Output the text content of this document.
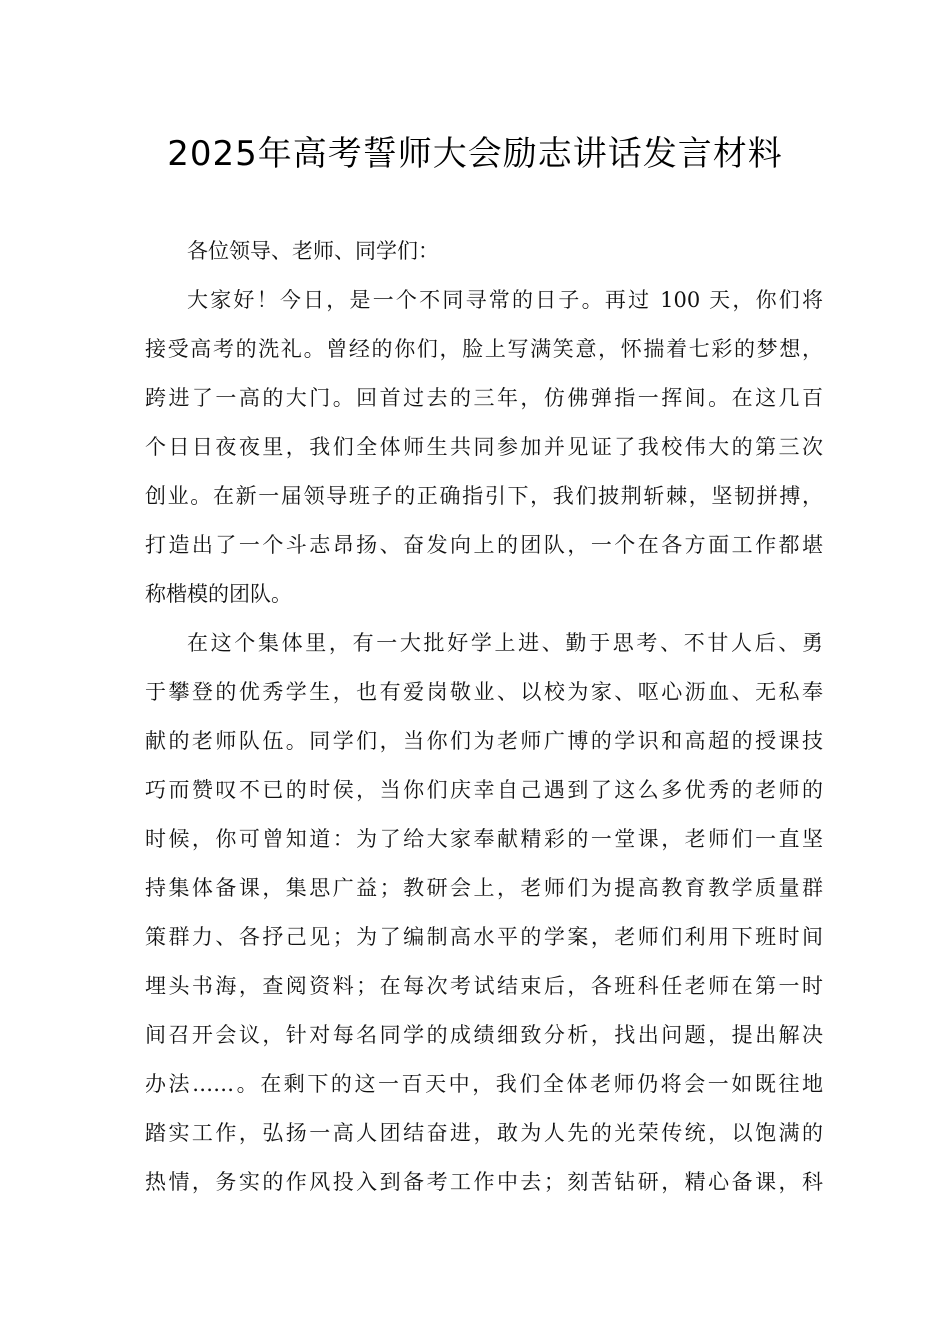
2025年高考誓师大会励志讲话发言材料
各位领导、老师、同学们：
大家好！今日，是一个不同寻常的日子。再过 100 天，你们将
接受高考的洗礼。曾经的你们，脸上写满笑意，怀揣着七彩的梦想，
跨进了一高的大门。回首过去的三年，仿佛弹指一挥间。在这几百
个日日夜夜里，我们全体师生共同参加并见证了我校伟大的第三次
创业。在新一届领导班子的正确指引下，我们披荆斩棘，坚韧拼搏，
打造出了一个斗志昂扬、奋发向上的团队，一个在各方面工作都堪
称楷模的团队。
在这个集体里，有一大批好学上进、勤于思考、不甘人后、勇
于攀登的优秀学生，也有爱岗敬业、以校为家、呕心沥血、无私奉
献的老师队伍。同学们，当你们为老师广博的学识和高超的授课技
巧而赞叹不已的时侯，当你们庆幸自己遇到了这么多优秀的老师的
时候，你可曾知道：为了给大家奉献精彩的一堂课，老师们一直坚
持集体备课，集思广益；教研会上，老师们为提高教育教学质量群
策群力、各抒己见；为了编制高水平的学案，老师们利用下班时间
埋头书海，查阅资料；在每次考试结束后，各班科任老师在第一时
间召开会议，针对每名同学的成绩细致分析，找出问题，提出解决
办法……。在剩下的这一百天中，我们全体老师仍将会一如既往地
踏实工作，弘扬一高人团结奋进，敢为人先的光荣传统，以饱满的
热情，务实的作风投入到备考工作中去；刻苦钻研，精心备课，科
